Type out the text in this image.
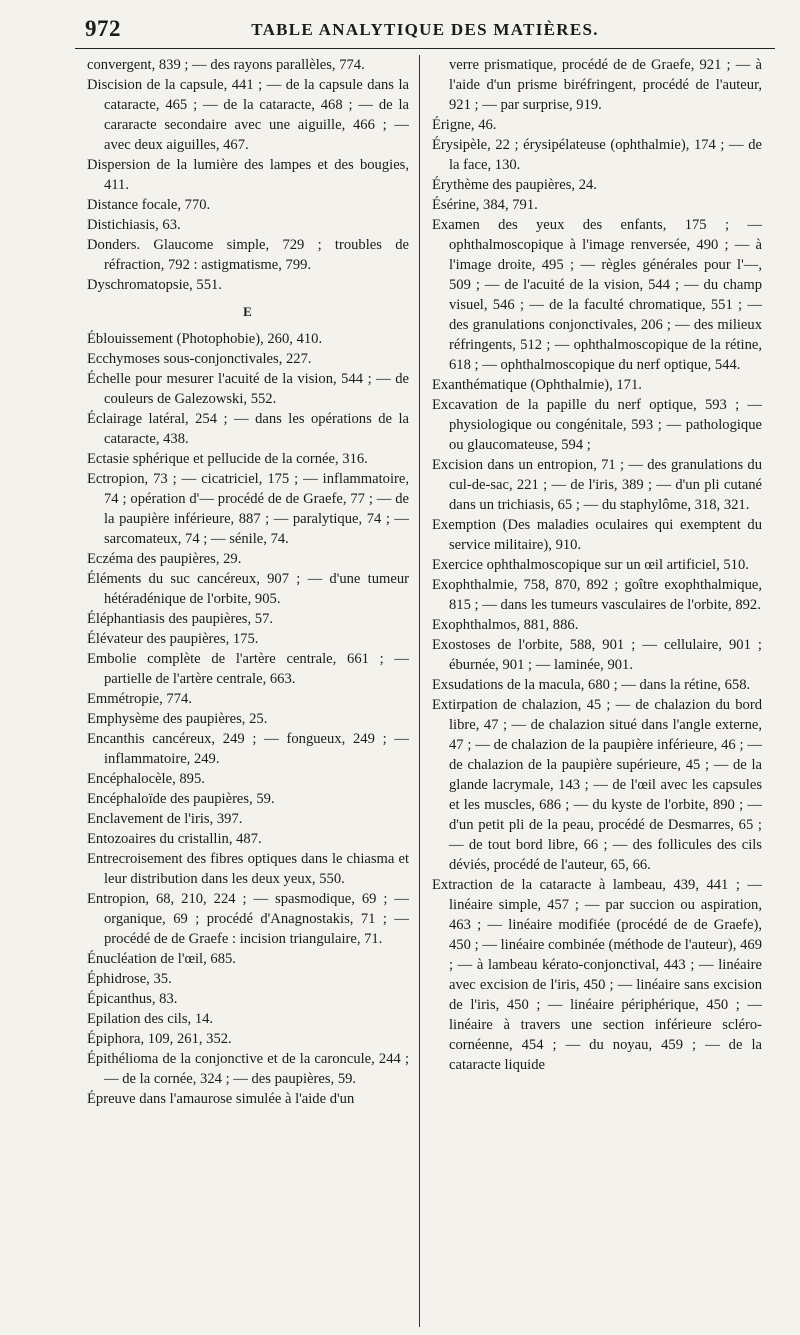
972	TABLE ANALYTIQUE DES MATIÈRES.

convergent, 839 ; — des rayons parallèles, 774.

Discision de la capsule, 441 ; — de la capsule dans la cataracte, 465 ; — de la cataracte, 468 ; — de la cararacte secondaire avec une aiguille, 466 ; — avec deux aiguilles, 467.

Dispersion de la lumière des lampes et des bougies, 411.

Distance focale, 770.

Distichiasis, 63.

Donders. Glaucome simple, 729 ; troubles de réfraction, 792 : astigmatisme, 799.

Dyschromatopsie, 551.

E

Éblouissement (Photophobie), 260, 410.

Ecchymoses sous-conjonctivales, 227.

Échelle pour mesurer l'acuité de la vision, 544 ; — de couleurs de Galezowski, 552.

Éclairage latéral, 254 ; — dans les opérations de la cataracte, 438.

Ectasie sphérique et pellucide de la cornée, 316.

Ectropion, 73 ; — cicatriciel, 175 ; — inflammatoire, 74 ; opération d'— procédé de de Graefe, 77 ; — de la paupière inférieure, 887 ; — paralytique, 74 ; — sarcomateux, 74 ; — sénile, 74.

Eczéma des paupières, 29.

Éléments du suc cancéreux, 907 ; — d'une tumeur hétéradénique de l'orbite, 905.

Éléphantiasis des paupières, 57.

Élévateur des paupières, 175.

Embolie complète de l'artère centrale, 661 ; — partielle de l'artère centrale, 663.

Emmétropie, 774.

Emphysème des paupières, 25.

Encanthis cancéreux, 249 ; — fongueux, 249 ; — inflammatoire, 249.

Encéphalocèle, 895.

Encéphaloïde des paupières, 59.

Enclavement de l'iris, 397.

Entozoaires du cristallin, 487.

Entrecroisement des fibres optiques dans le chiasma et leur distribution dans les deux yeux, 550.

Entropion, 68, 210, 224 ; — spasmodique, 69 ; — organique, 69 ; procédé d'Anagnostakis, 71 ; — procédé de de Graefe : incision triangulaire, 71.

Énucléation de l'œil, 685.

Éphidrose, 35.

Épicanthus, 83.

Epilation des cils, 14.

Épiphora, 109, 261, 352.

Épithélioma de la conjonctive et de la caroncule, 244 ; — de la cornée, 324 ; — des paupières, 59.

Épreuve dans l'amaurose simulée à l'aide d'un

verre prismatique, procédé de de Graefe, 921 ; — à l'aide d'un prisme biréfringent, procédé de l'auteur, 921 ; — par surprise, 919.

Érigne, 46.

Érysipèle, 22 ; érysipélateuse (ophthalmie), 174 ; — de la face, 130.

Érythème des paupières, 24.

Ésérine, 384, 791.

Examen des yeux des enfants, 175 ; — ophthalmoscopique à l'image renversée, 490 ; — à l'image droite, 495 ; — règles générales pour l'—, 509 ; — de l'acuité de la vision, 544 ; — du champ visuel, 546 ; — de la faculté chromatique, 551 ; — des granulations conjonctivales, 206 ; — des milieux réfringents, 512 ; — ophthalmoscopique de la rétine, 618 ; — ophthalmoscopique du nerf optique, 544.

Exanthématique (Ophthalmie), 171.

Excavation de la papille du nerf optique, 593 ; — physiologique ou congénitale, 593 ; — pathologique ou glaucomateuse, 594 ;

Excision dans un entropion, 71 ; — des granulations du cul-de-sac, 221 ; — de l'iris, 389 ; — d'un pli cutané dans un trichiasis, 65 ; — du staphylôme, 318, 321.

Exemption (Des maladies oculaires qui exemptent du service militaire), 910.

Exercice ophthalmoscopique sur un œil artificiel, 510.

Exophthalmie, 758, 870, 892 ; goître exophthalmique, 815 ; — dans les tumeurs vasculaires de l'orbite, 892.

Exophthalmos, 881, 886.

Exostoses de l'orbite, 588, 901 ; — cellulaire, 901 ; éburnée, 901 ; — laminée, 901.

Exsudations de la macula, 680 ; — dans la rétine, 658.

Extirpation de chalazion, 45 ; — de chalazion du bord libre, 47 ; — de chalazion situé dans l'angle externe, 47 ; — de chalazion de la paupière inférieure, 46 ; — de chalazion de la paupière supérieure, 45 ; — de la glande lacrymale, 143 ; — de l'œil avec les capsules et les muscles, 686 ; — du kyste de l'orbite, 890 ; — d'un petit pli de la peau, procédé de Desmarres, 65 ; — de tout bord libre, 66 ; — des follicules des cils déviés, procédé de l'auteur, 65, 66.

Extraction de la cataracte à lambeau, 439, 441 ; — linéaire simple, 457 ; — par succion ou aspiration, 463 ; — linéaire modifiée (procédé de de Graefe), 450 ; — linéaire combinée (méthode de l'auteur), 469 ; — à lambeau kérato-conjonctival, 443 ; — linéaire avec excision de l'iris, 450 ; — linéaire sans excision de l'iris, 450 ; — linéaire périphérique, 450 ; — linéaire à travers une section inférieure scléro-cornéenne, 454 ; — du noyau, 459 ; — de la cataracte liquide
